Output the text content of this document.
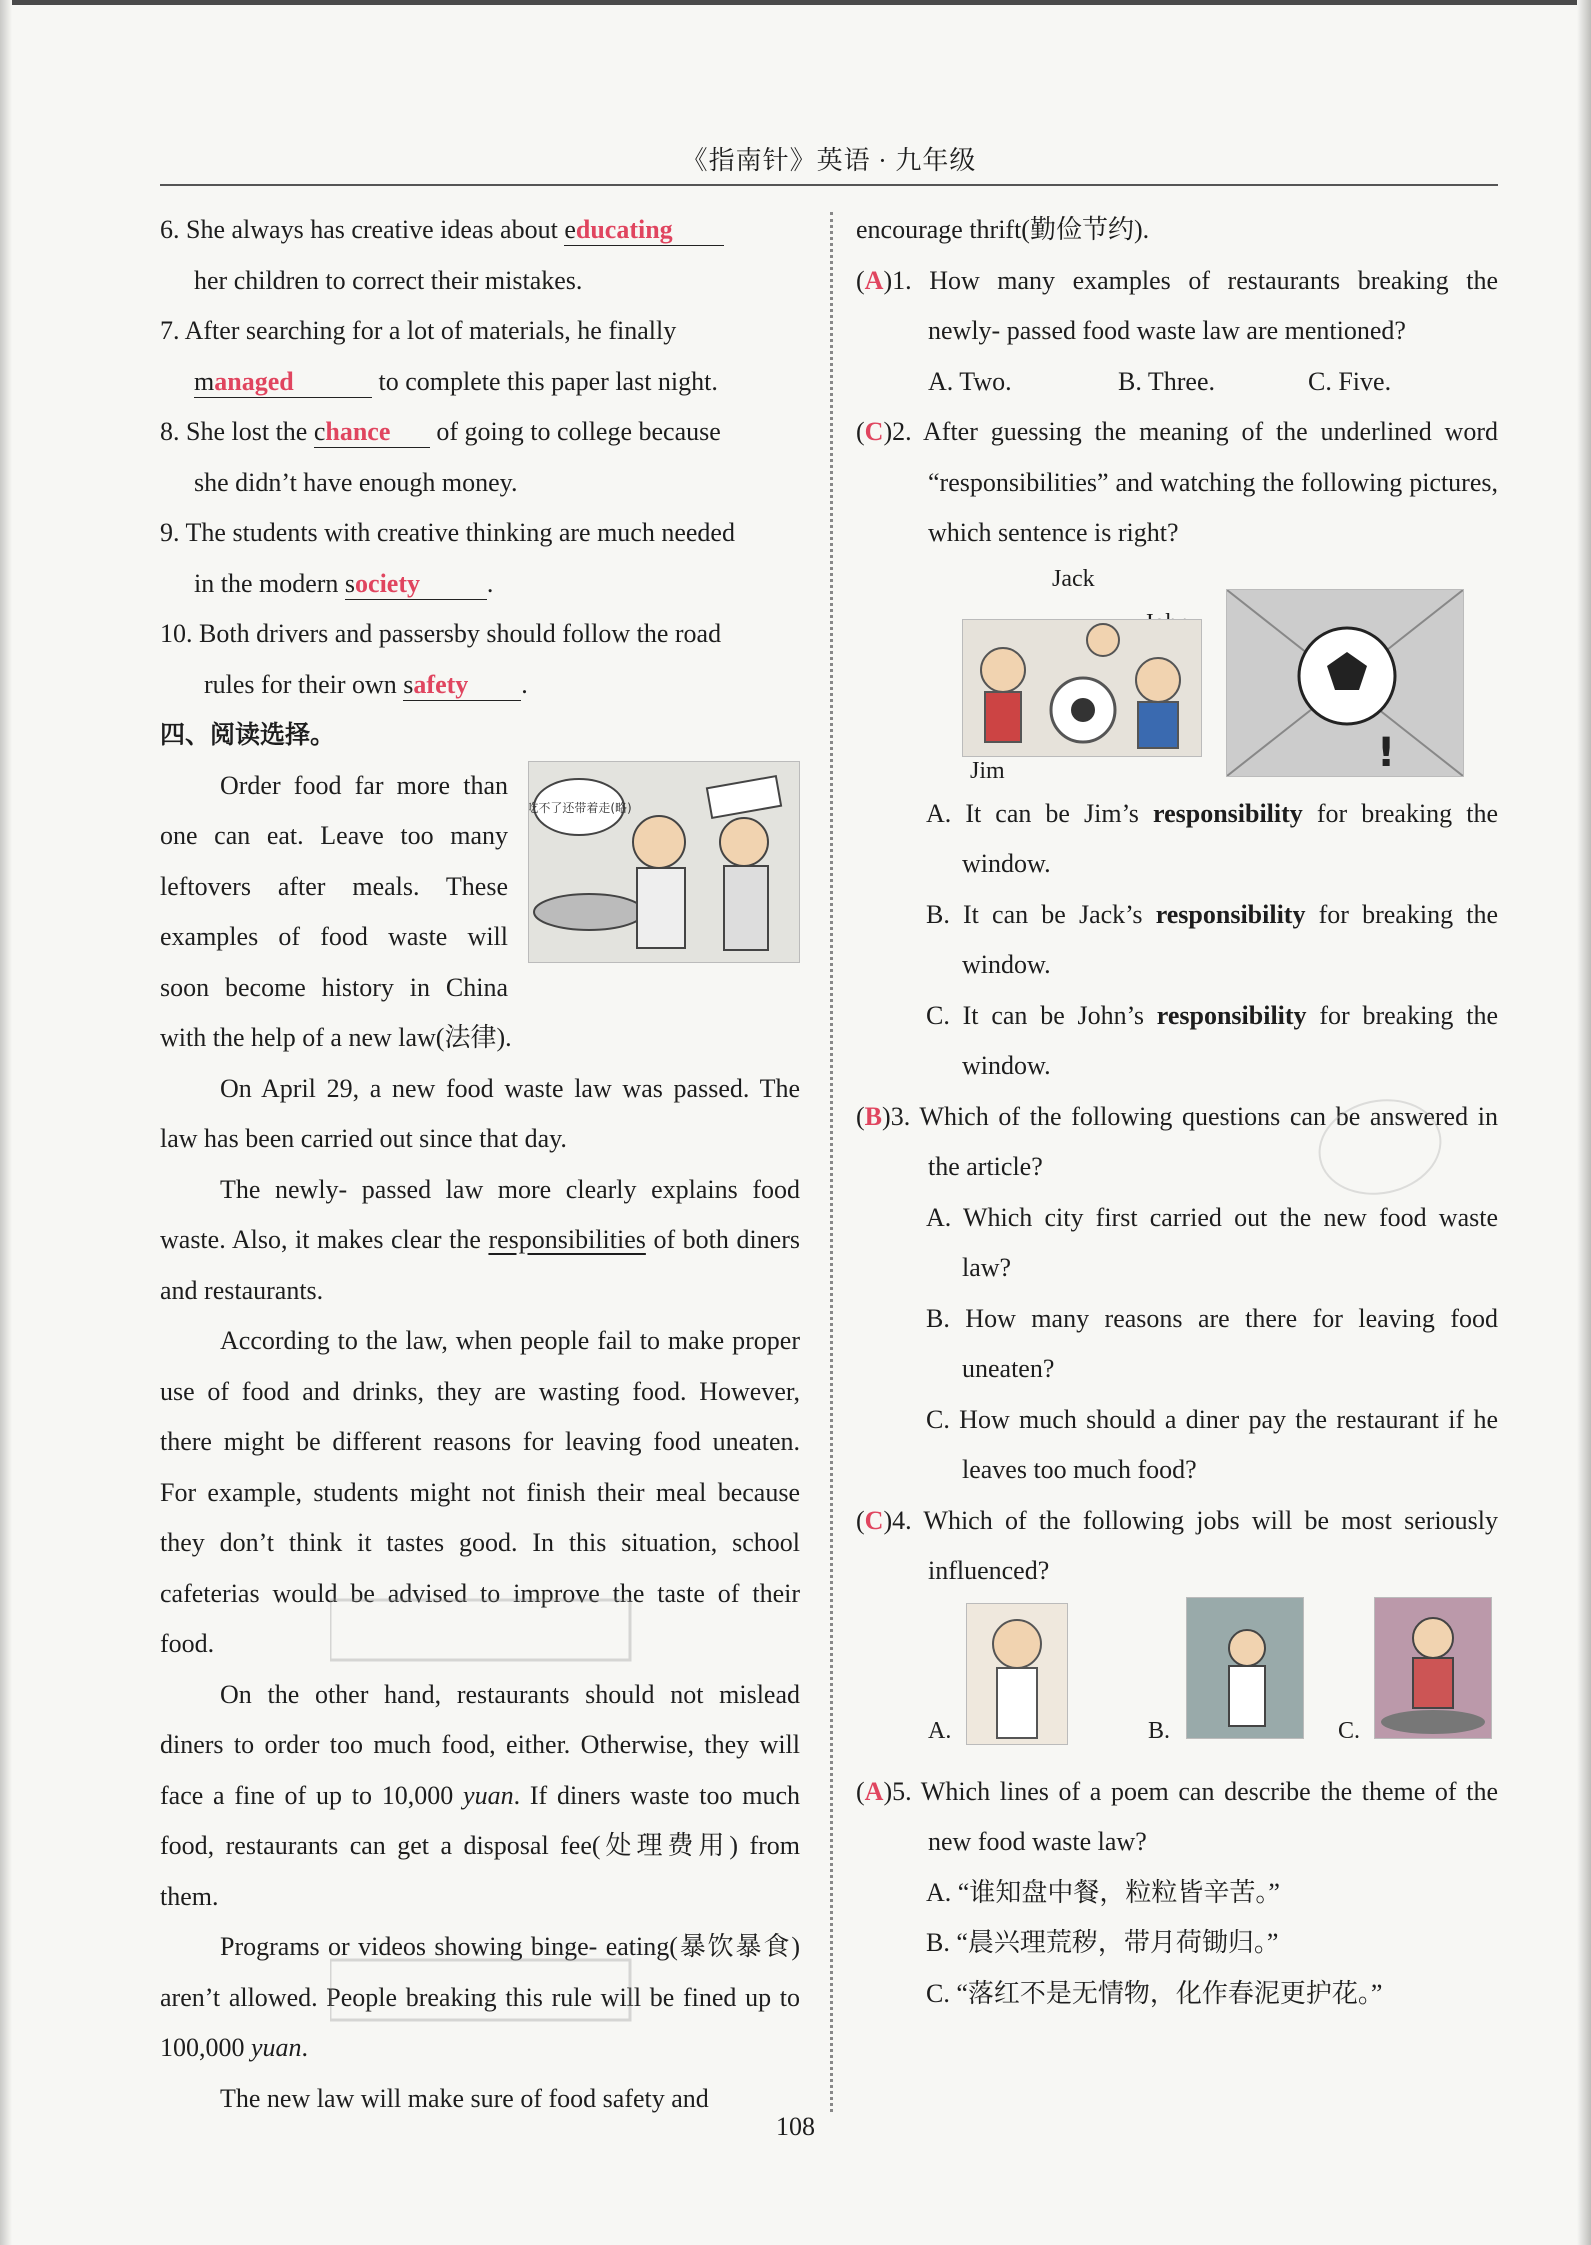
《指南针》英语 · 九年级

6. She always has creative ideas about educating

her children to correct their mistakes.

7. After searching for a lot of materials, he finally

managed	to complete this paper last night.

8. She lost the chance of going to college because

she didn’t have enough money.

9. The students with creative thinking are much needed

in the modern society	.

10. Both drivers and passersby should follow the road

rules for their own safety .

四、阅读选择。

吃不了还带着走(略)

Order food far more than one can eat. Leave too many leftovers after meals. These examples of food waste will soon become history in China with the help of a new law(法律).

On April 29, a new food waste law was passed. The law has been carried out since that day.

The newly- passed law more clearly explains food waste. Also, it makes clear the responsibilities of both diners and restaurants.

According to the law, when people fail to make proper use of food and drinks, they are wasting food. However, there might be different reasons for leaving food uneaten. For example, students might not finish their meal because they don’t think it tastes good. In this situation, school cafeterias would be advised to improve the taste of their food.

On the other hand, restaurants should not mislead diners to order too much food, either. Otherwise, they will face a fine of up to 10,000 yuan. If diners waste too much food, restaurants can get a disposal fee(处理费用) from them.

Programs or videos showing binge- eating(暴饮暴食) aren’t allowed. People breaking this rule will be fined up to 100,000 yuan.

The new law will make sure of food safety and

encourage thrift(勤俭节约).

(A)1. How many examples of restaurants breaking the newly- passed food waste law are mentioned?

A. Two.	B. Three.	C. Five.

(C)2. After guessing the meaning of the underlined word “responsibilities” and watching the following pictures, which sentence is right?

Jack
Jim	!

A. It can be Jim’s responsibility for breaking the window.

B. It can be Jack’s responsibility for breaking the window.

C. It can be John’s responsibility for breaking the window.

(B)3. Which of the following questions can be answered in the article?

A. Which city first carried out the new food waste law?

B. How many reasons are there for leaving food uneaten?

C. How much should a diner pay the restaurant if he leaves too much food?

(C)4. Which of the following jobs will be most seriously influenced?

A.	B.	C.

(A)5. Which lines of a poem can describe the theme of the new food waste law?

A. “谁知盘中餐，粒粒皆辛苦。”

B. “晨兴理荒秽，带月荷锄归。”

C. “落红不是无情物，化作春泥更护花。”

108
